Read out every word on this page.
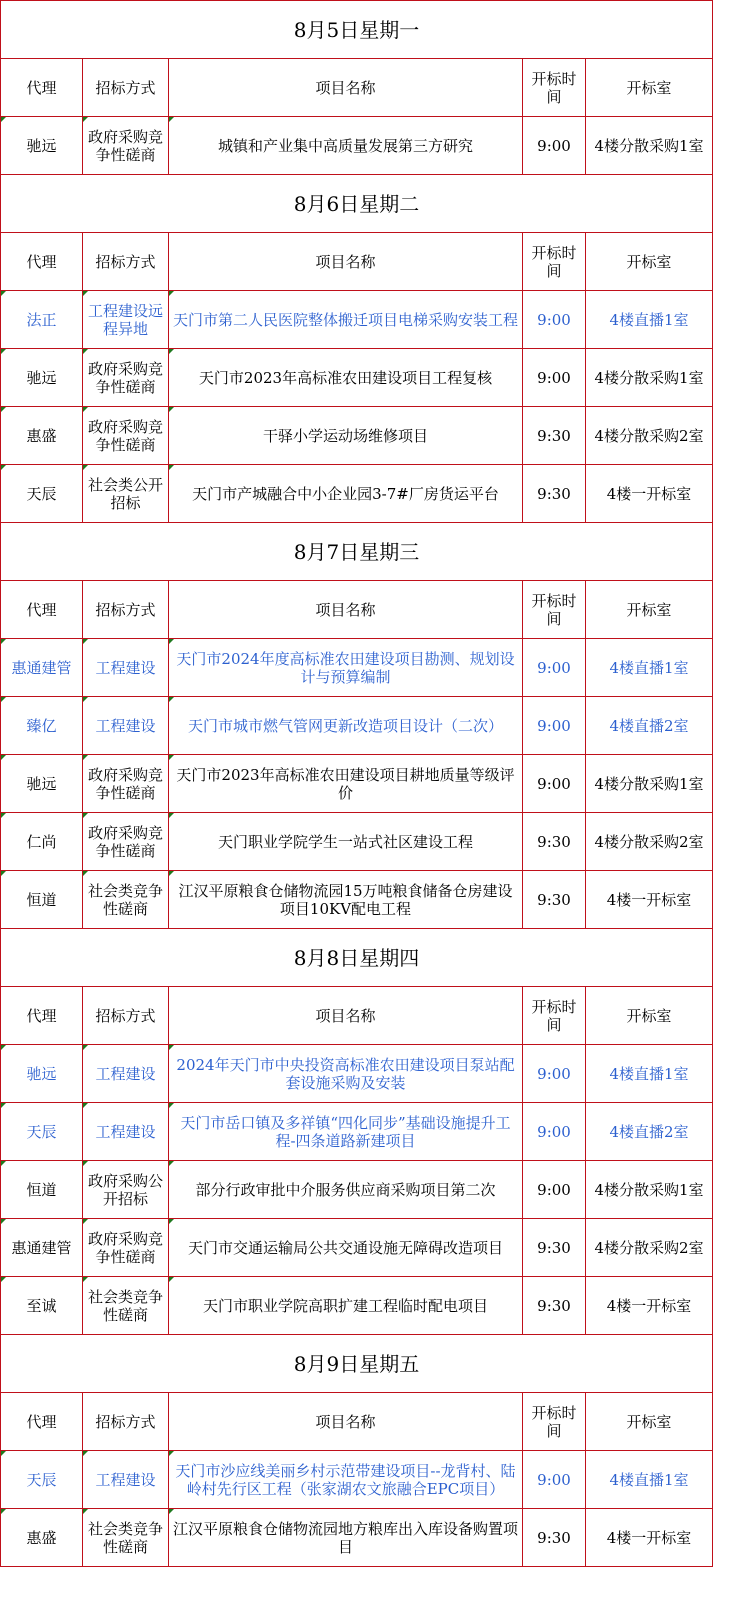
8月5日星期一				
代理	招标方式	项目名称	开标时间	开标室
驰远	政府采购竞争性磋商	城镇和产业集中高质量发展第三方研究	9:00	4楼分散采购1室
8月6日星期二				
代理	招标方式	项目名称	开标时间	开标室
法正	工程建设远程异地	天门市第二人民医院整体搬迁项目电梯采购安装工程	9:00	4楼直播1室
驰远	政府采购竞争性磋商	天门市2023年高标准农田建设项目工程复核	9:00	4楼分散采购1室
惠盛	政府采购竞争性磋商	干驿小学运动场维修项目	9:30	4楼分散采购2室
天辰	社会类公开招标	天门市产城融合中小企业园3-7#厂房货运平台	9:30	4楼一开标室
8月7日星期三				
代理	招标方式	项目名称	开标时间	开标室
惠通建管	工程建设	天门市2024年度高标准农田建设项目勘测、规划设计与预算编制	9:00	4楼直播1室
臻亿	工程建设	天门市城市燃气管网更新改造项目设计（二次）	9:00	4楼直播2室
驰远	政府采购竞争性磋商	天门市2023年高标准农田建设项目耕地质量等级评价	9:00	4楼分散采购1室
仁尚	政府采购竞争性磋商	天门职业学院学生一站式社区建设工程	9:30	4楼分散采购2室
恒道	社会类竞争性磋商	江汉平原粮食仓储物流园15万吨粮食储备仓房建设项目10KV配电工程	9:30	4楼一开标室
8月8日星期四				
代理	招标方式	项目名称	开标时间	开标室
驰远	工程建设	2024年天门市中央投资高标准农田建设项目泵站配套设施采购及安装	9:00	4楼直播1室
天辰	工程建设	天门市岳口镇及多祥镇“四化同步”基础设施提升工程-四条道路新建项目	9:00	4楼直播2室
恒道	政府采购公开招标	部分行政审批中介服务供应商采购项目第二次	9:00	4楼分散采购1室
惠通建管	政府采购竞争性磋商	天门市交通运输局公共交通设施无障碍改造项目	9:30	4楼分散采购2室
至诚	社会类竞争性磋商	天门市职业学院高职扩建工程临时配电项目	9:30	4楼一开标室
8月9日星期五				
代理	招标方式	项目名称	开标时间	开标室
天辰	工程建设	天门市沙应线美丽乡村示范带建设项目--龙背村、陆岭村先行区工程（张家湖农文旅融合EPC项目）	9:00	4楼直播1室
惠盛	社会类竞争性磋商	江汉平原粮食仓储物流园地方粮库出入库设备购置项目	9:30	4楼一开标室
